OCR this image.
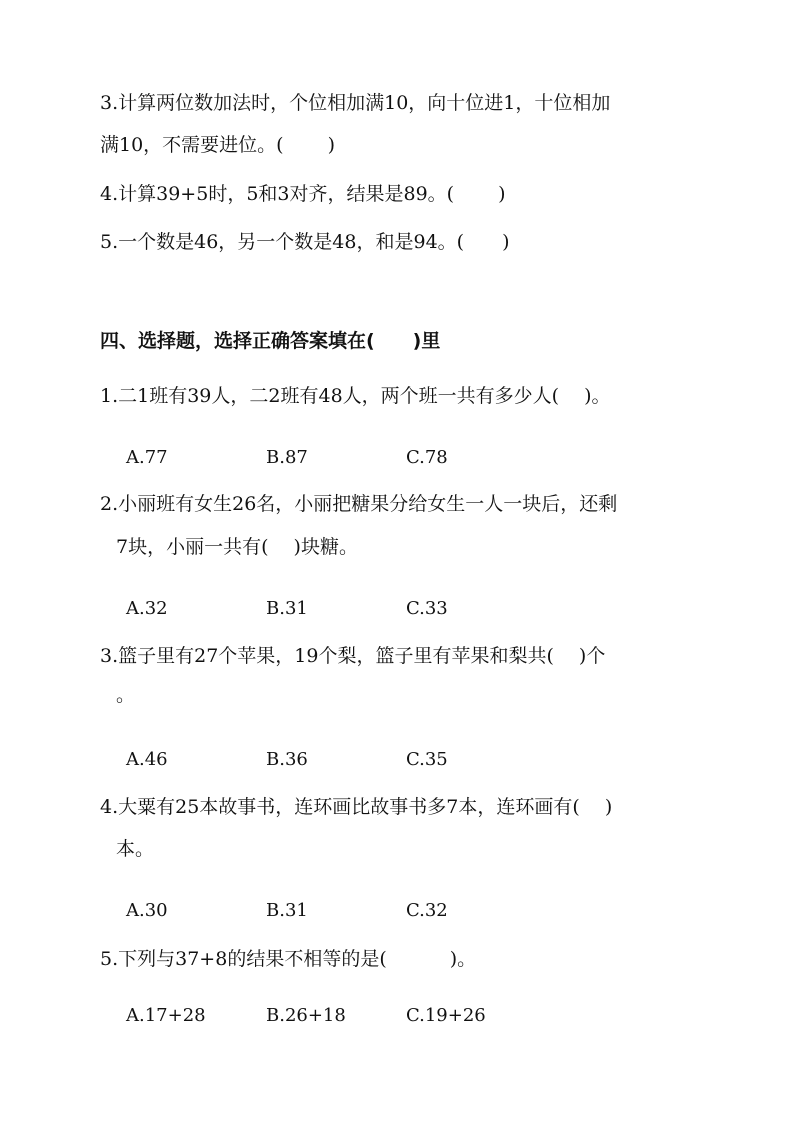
3.计算两位数加法时，个位相加满10，向十位进1，十位相加
满10，不需要进位。(　　 )
4.计算39+5时，5和3对齐，结果是89。(　　 )
5.一个数是46，另一个数是48，和是94。(　　)
四、选择题，选择正确答案填在(　　)里
1.二1班有39人，二2班有48人，两个班一共有多少人(　 )。
A.77	B.87	C.78
2.小丽班有女生26名，小丽把糖果分给女生一人一块后，还剩
7块，小丽一共有(　 )块糖。
A.32	B.31	C.33
3.篮子里有27个苹果，19个梨，篮子里有苹果和梨共(　 )个
。
A.46	B.36	C.35
4.大粟有25本故事书，连环画比故事书多7本，连环画有(　 )
本。
A.30	B.31	C.32
5.下列与37+8的结果不相等的是(　　　 )。
A.17+28	B.26+18	C.19+26
